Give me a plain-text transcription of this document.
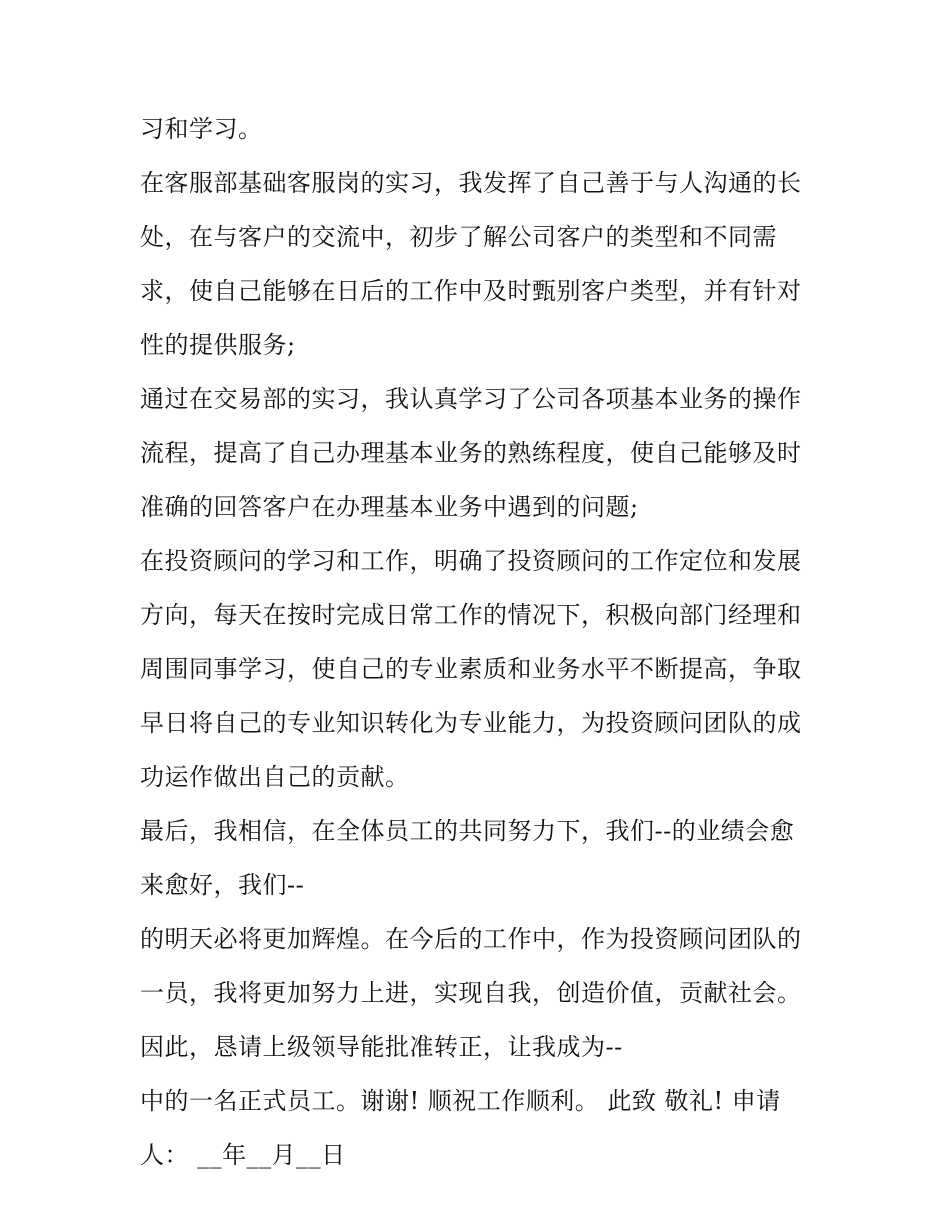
习和学习。
在客服部基础客服岗的实习，我发挥了自己善于与人沟通的长
处，在与客户的交流中，初步了解公司客户的类型和不同需
求，使自己能够在日后的工作中及时甄别客户类型，并有针对
性的提供服务;
通过在交易部的实习，我认真学习了公司各项基本业务的操作
流程，提高了自己办理基本业务的熟练程度，使自己能够及时
准确的回答客户在办理基本业务中遇到的问题;
在投资顾问的学习和工作，明确了投资顾问的工作定位和发展
方向，每天在按时完成日常工作的情况下，积极向部门经理和
周围同事学习，使自己的专业素质和业务水平不断提高，争取
早日将自己的专业知识转化为专业能力，为投资顾问团队的成
功运作做出自己的贡献。
最后，我相信，在全体员工的共同努力下，我们--的业绩会愈
来愈好，我们--
的明天必将更加辉煌。在今后的工作中，作为投资顾问团队的
一员，我将更加努力上进，实现自我，创造价值，贡献社会。
因此，恳请上级领导能批准转正，让我成为--
中的一名正式员工。谢谢! 顺祝工作顺利。 此致 敬礼! 申请
人： __年__月__日
